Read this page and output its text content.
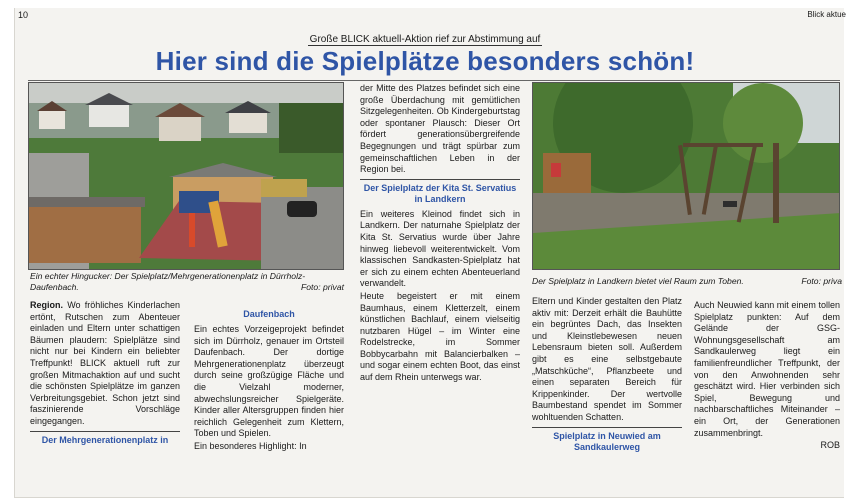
10	Blick aktue
Große BLICK aktuell-Aktion rief zur Abstimmung auf
Hier sind die Spielplätze besonders schön!
Ein echter Hingucker: Der Spielplatz/Mehrgenerationenplatz in Dürrholz-Daufenbach.	Foto: privat
Der Spielplatz in Landkern bietet viel Raum zum Toben.	Foto: priva

Region. Wo fröhliches Kinderlachen ertönt, Rutschen zum Abenteuer einladen und Eltern unter schattigen Bäumen plaudern: Spielplätze sind nicht nur bei Kindern ein beliebter Treffpunkt! BLICK aktuell ruft zur großen Mitmachaktion auf und sucht die schönsten Spielplätze im ganzen Verbreitungsgebiet. Schon jetzt sind faszinierende Vorschläge eingegangen.

Der Mehrgenerationenplatz in
Daufenbach

Ein echtes Vorzeigeprojekt befindet sich im Dürrholz, genauer im Ortsteil Daufenbach. Der dortige Mehrgenerationenplatz überzeugt durch seine großzügige Fläche und die Vielzahl moderner, abwechslungsreicher Spielgeräte. Kinder aller Altersgruppen finden hier reichlich Gelegenheit zum Klettern, Toben und Spielen.

Ein besonderes Highlight: In

der Mitte des Platzes befindet sich eine große Überdachung mit gemütlichen Sitzgelegenheiten. Ob Kindergeburtstag oder spontaner Plausch: Dieser Ort fördert generationsübergreifende Begegnungen und trägt spürbar zum gemeinschaftlichen Leben in der Region bei.

Der Spielplatz der Kita St. Servatius in Landkern

Ein weiteres Kleinod findet sich in Landkern. Der naturnahe Spielplatz der Kita St. Servatius wurde über Jahre hinweg liebevoll weiterentwickelt. Vom klassischen Sandkasten-Spielplatz hat er sich zu einem echten Abenteuerland verwandelt.

Heute begeistert er mit einem Baumhaus, einem Kletterzelt, einem künstlichen Bachlauf, einem vielseitig nutzbaren Hügel – im Winter eine Rodelstrecke, im Sommer Bobbycarbahn mit Balancierbalken – und sogar einem echten Boot, das einst auf dem Rhein unterwegs war.

Eltern und Kinder gestalten den Platz aktiv mit: Derzeit erhält die Bauhütte ein begrüntes Dach, das Insekten und Kleinstlebewesen neuen Lebensraum bieten soll. Außerdem gibt es eine selbstgebaute „Matschküche“, Pflanzbeete und einen separaten Bereich für Krippenkinder. Der wertvolle Baumbestand spendet im Sommer wohltuenden Schatten.

Spielplatz in Neuwied am Sandkaulerweg

Auch Neuwied kann mit einem tollen Spielplatz punkten: Auf dem Gelände der GSG-Wohnungsgesellschaft am Sandkaulerweg liegt ein familienfreundlicher Treffpunkt, der von den Anwohnenden sehr geschätzt wird. Hier verbinden sich Spiel, Bewegung und nachbarschaftliches Miteinander – ein Ort, der Generationen zusammenbringt.

ROB
